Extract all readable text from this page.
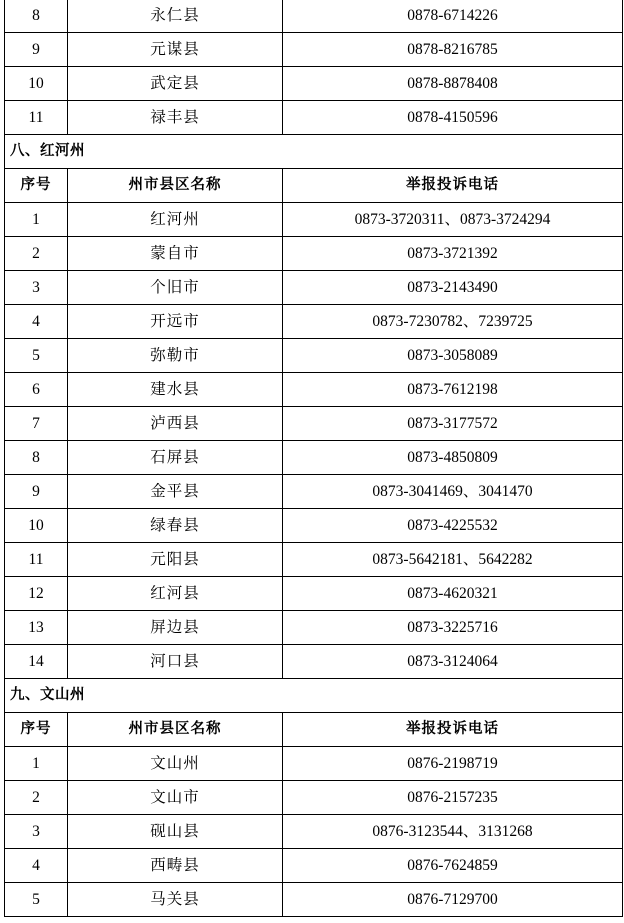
8	永仁县	0878-6714226
9	元谋县	0878-8216785
10	武定县	0878-8878408
11	禄丰县	0878-4150596
八、红河州		
序号	州市县区名称	举报投诉电话
1	红河州	0873-3720311、0873-3724294
2	蒙自市	0873-3721392
3	个旧市	0873-2143490
4	开远市	0873-7230782、7239725
5	弥勒市	0873-3058089
6	建水县	0873-7612198
7	泸西县	0873-3177572
8	石屏县	0873-4850809
9	金平县	0873-3041469、3041470
10	绿春县	0873-4225532
11	元阳县	0873-5642181、5642282
12	红河县	0873-4620321
13	屏边县	0873-3225716
14	河口县	0873-3124064
九、文山州		
序号	州市县区名称	举报投诉电话
1	文山州	0876-2198719
2	文山市	0876-2157235
3	砚山县	0876-3123544、3131268
4	西畴县	0876-7624859
5	马关县	0876-7129700
